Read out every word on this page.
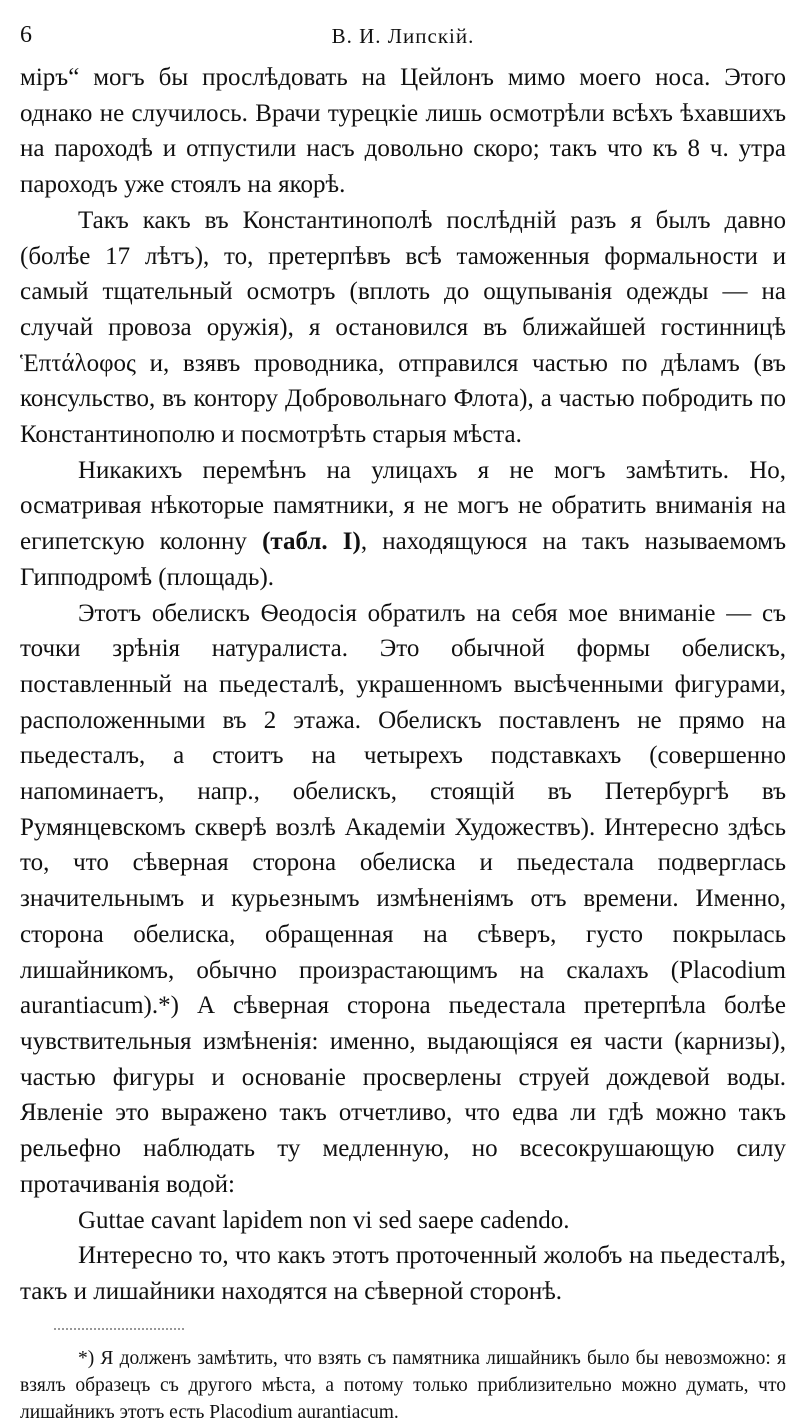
6	В. И. Липскій.

міръ“ могъ бы прослѣдовать на Цейлонъ мимо моего носа. Этого однако не случилось. Врачи турецкіе лишь осмотрѣли всѣхъ ѣхавшихъ на пароходѣ и отпустили насъ довольно скоро; такъ что къ 8 ч. утра пароходъ уже стоялъ на якорѣ.

Такъ какъ въ Константинополѣ послѣдній разъ я былъ давно (болѣе 17 лѣтъ), то, претерпѣвъ всѣ таможенныя формальности и самый тщательный осмотръ (вплоть до ощупыванія одежды — на случай провоза оружія), я остановился въ ближайшей гостинницѣ Ἑπτάλοφος и, взявъ проводника, отправился частью по дѣламъ (въ консульство, въ контору Добровольнаго Флота), а частью побродить по Константинополю и посмотрѣть старыя мѣста.

Никакихъ перемѣнъ на улицахъ я не могъ замѣтить. Но, осматривая нѣкоторые памятники, я не могъ не обратить вниманія на египетскую колонну (табл. I), находящуюся на такъ называемомъ Гипподромѣ (площадь).

Этотъ обелискъ Ѳеодосія обратилъ на себя мое вниманіе — съ точки зрѣнія натуралиста. Это обычной формы обелискъ, поставленный на пьедесталѣ, украшенномъ высѣченными фигурами, расположенными въ 2 этажа. Обелискъ поставленъ не прямо на пьедесталъ, а стоитъ на четырехъ подставкахъ (совершенно напоминаетъ, напр., обелискъ, стоящій въ Петербургѣ въ Румянцевскомъ скверѣ возлѣ Академіи Художествъ). Интересно здѣсь то, что сѣверная сторона обелиска и пьедестала подверглась значительнымъ и курьезнымъ измѣненіямъ отъ времени. Именно, сторона обелиска, обращенная на сѣверъ, густо покрылась лишайникомъ, обычно произрастающимъ на скалахъ (Placodium aurantiacum).*) А сѣверная сторона пьедестала претерпѣла болѣе чувствительныя измѣненія: именно, выдающіяся ея части (карнизы), частью фигуры и основаніе просверлены струей дождевой воды. Явленіе это выражено такъ отчетливо, что едва ли гдѣ можно такъ рельефно наблюдать ту медленную, но всесокрушающую силу протачиванія водой:

Guttae cavant lapidem non vi sed saepe cadendo.

Интересно то, что какъ этотъ проточенный жолобъ на пьедесталѣ, такъ и лишайники находятся на сѣверной сторонѣ.

*) Я долженъ замѣтить, что взять съ памятника лишайникъ было бы невозможно: я взялъ образецъ съ другого мѣста, а потому только приблизительно можно думать, что лишайникъ этотъ есть Placodium aurantiacum.
